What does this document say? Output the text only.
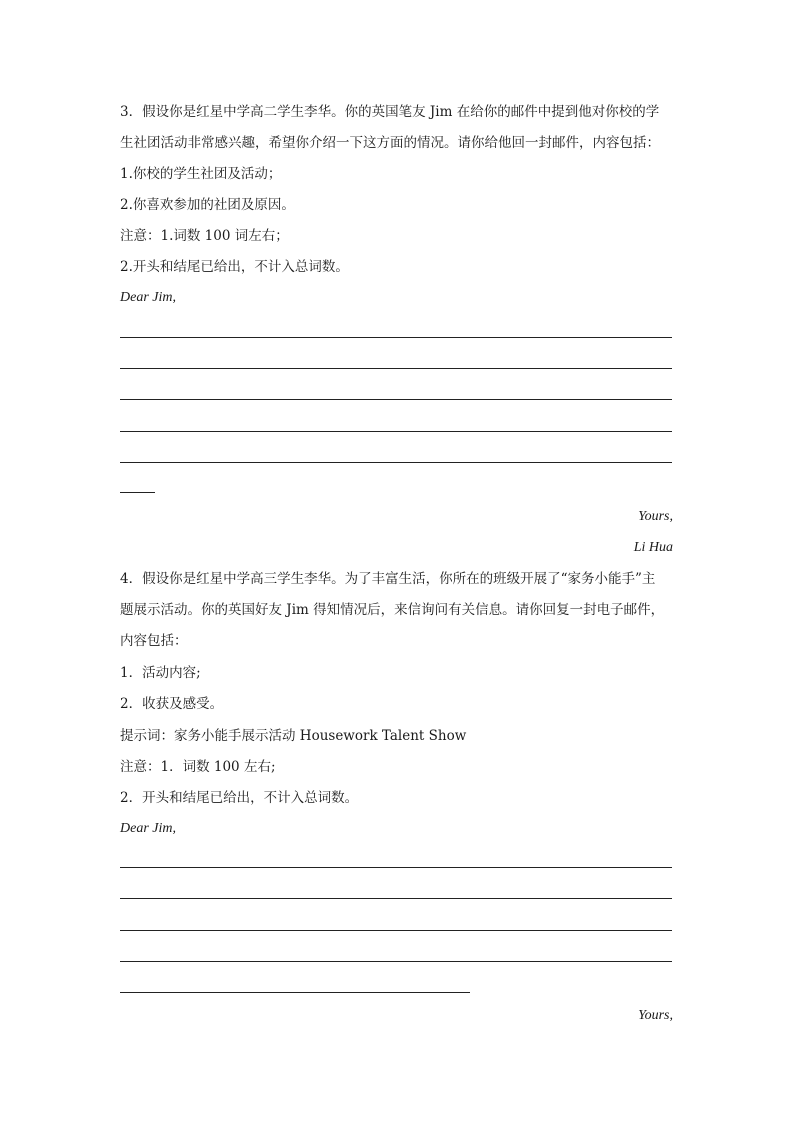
3．假设你是红星中学高二学生李华。你的英国笔友 Jim 在给你的邮件中提到他对你校的学

生社团活动非常感兴趣，希望你介绍一下这方面的情况。请你给他回一封邮件，内容包括：

1.你校的学生社团及活动；

2.你喜欢参加的社团及原因。

注意：1.词数 100 词左右；

2.开头和结尾已给出，不计入总词数。

Dear Jim,

Yours,

Li Hua

4．假设你是红星中学高三学生李华。为了丰富生活，你所在的班级开展了“家务小能手”主

题展示活动。你的英国好友 Jim 得知情况后，来信询问有关信息。请你回复一封电子邮件，

内容包括：

1．活动内容;

2．收获及感受。

提示词：家务小能手展示活动 Housework Talent Show

注意：1．词数 100 左右;

2．开头和结尾已给出，不计入总词数。

Dear Jim,

Yours,
